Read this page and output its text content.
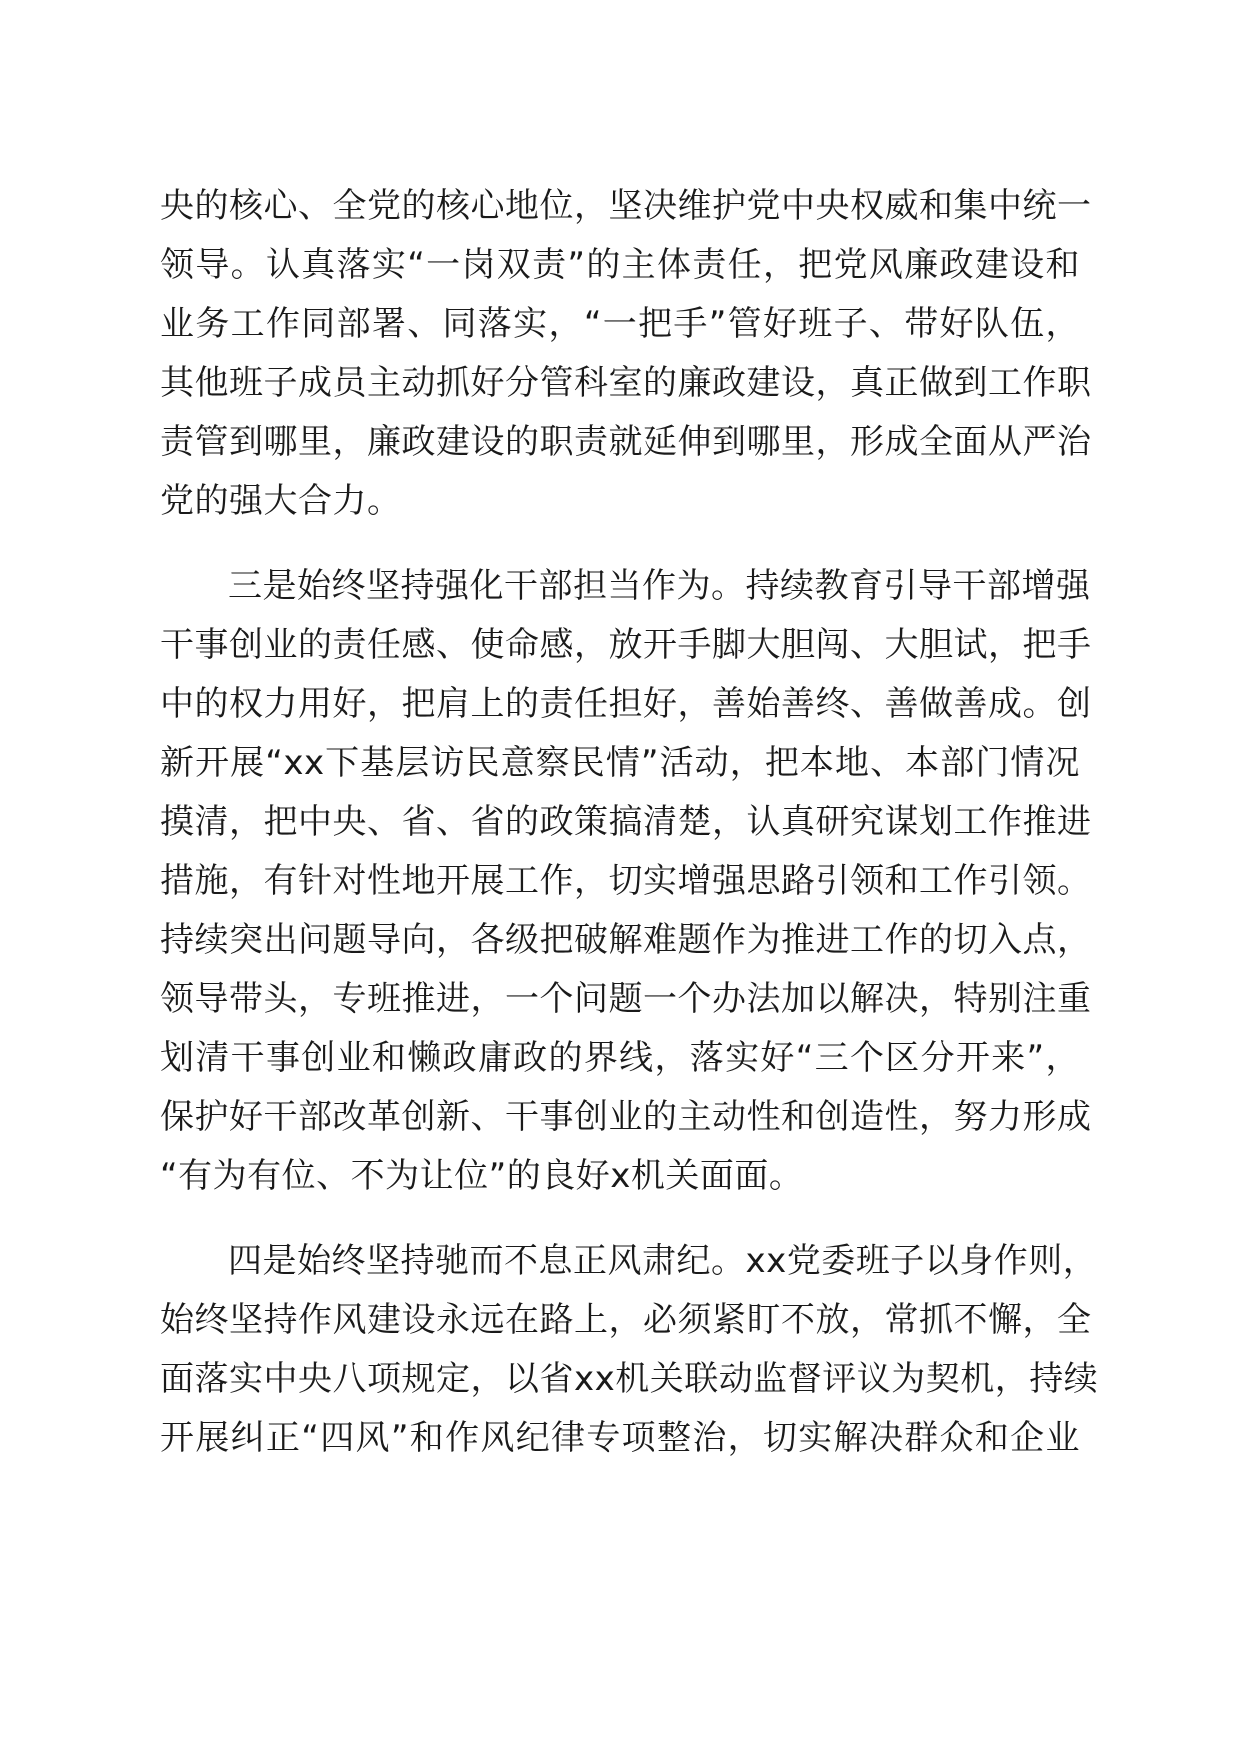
央的核心、全党的核心地位，坚决维护党中央权威和集中统一
领导。认真落实“一岗双责”的主体责任，把党风廉政建设和
业务工作同部署、同落实，“一把手”管好班子、带好队伍，
其他班子成员主动抓好分管科室的廉政建设，真正做到工作职
责管到哪里，廉政建设的职责就延伸到哪里，形成全面从严治
党的强大合力。
三是始终坚持强化干部担当作为。持续教育引导干部增强
干事创业的责任感、使命感，放开手脚大胆闯、大胆试，把手
中的权力用好，把肩上的责任担好，善始善终、善做善成。创
新开展“xx下基层访民意察民情”活动，把本地、本部门情况
摸清，把中央、省、省的政策搞清楚，认真研究谋划工作推进
措施，有针对性地开展工作，切实增强思路引领和工作引领。
持续突出问题导向，各级把破解难题作为推进工作的切入点，
领导带头，专班推进，一个问题一个办法加以解决，特别注重
划清干事创业和懒政庸政的界线，落实好“三个区分开来”，
保护好干部改革创新、干事创业的主动性和创造性，努力形成
“有为有位、不为让位”的良好x机关面面。
四是始终坚持驰而不息正风肃纪。xx党委班子以身作则，
始终坚持作风建设永远在路上，必须紧盯不放，常抓不懈，全
面落实中央八项规定，以省xx机关联动监督评议为契机，持续
开展纠正“四风”和作风纪律专项整治，切实解决群众和企业
